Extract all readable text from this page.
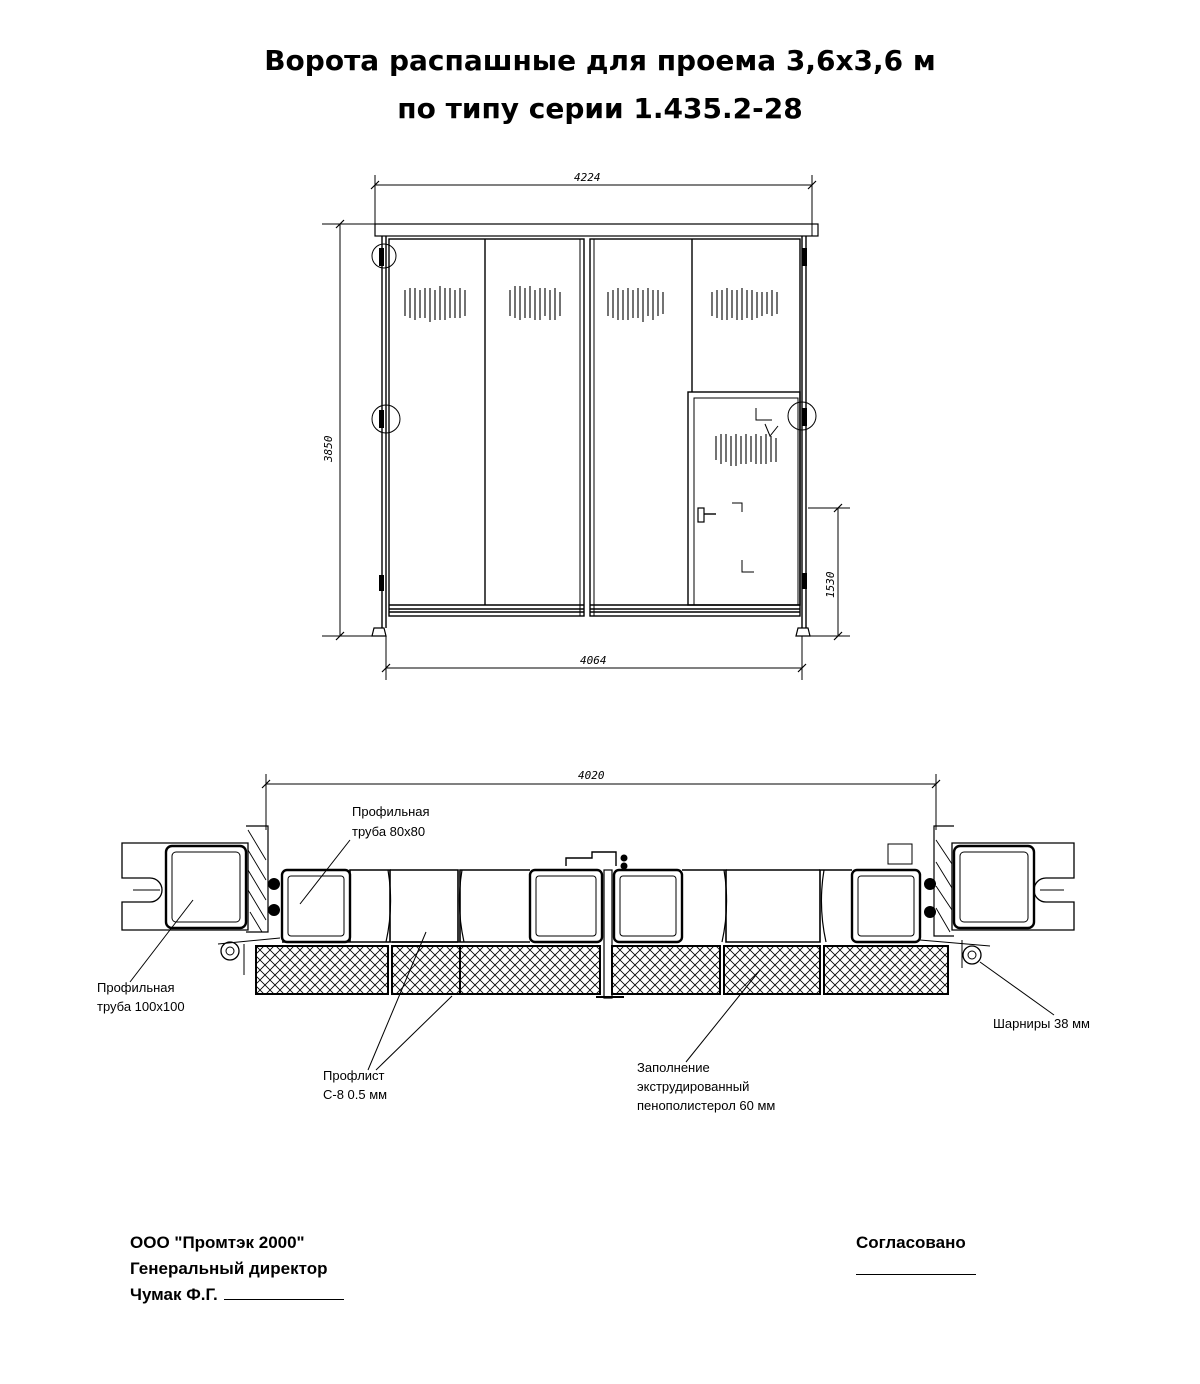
Ворота распашные для проема 3,6х3,6 м
по типу серии 1.435.2-28
4224
3850
1530
4064
4020
Профильная
труба 80х80
Профильная
труба 100х100
Профлист
С-8 0.5 мм
Заполнение
экструдированный
пенополистерол 60 мм
Шарниры 38 мм
ООО "Промтэк 2000"
Генеральный директор
Чумак Ф.Г.
Согласовано
